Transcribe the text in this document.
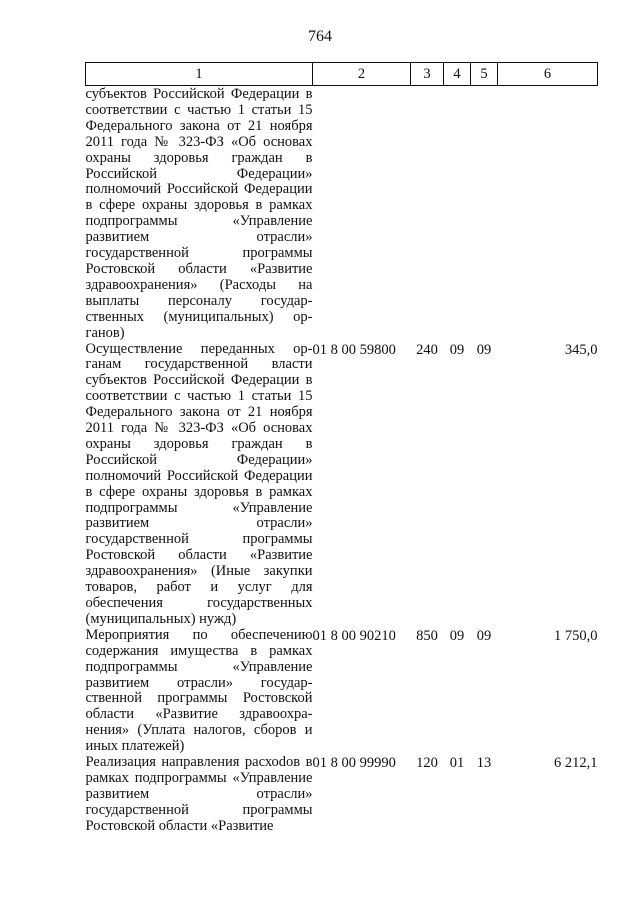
764
1	2	3	4	5	6
субъектов Российской Федерации в соответствии с частью 1 статьи 15 Федерального закона от 21 ноября 2011 года № 323-ФЗ «Об основах охраны здоровья граждан в Российской Федерации» полномочий Российской Федерации в сфере охраны здоровья в рамках подпрограммы «Управление развитием отрасли» государственной программы Ростовской области «Развитие здравоохранения» (Расходы на выплаты персоналу государственных (муниципальных) органов)					
Осуществление переданных органам государственной власти субъектов Российской Федерации в соответствии с частью 1 статьи 15 Федерального закона от 21 ноября 2011 года № 323-ФЗ «Об основах охраны здоровья граждан в Российской Федерации» полномочий Российской Федерации в сфере охраны здоровья в рамках подпрограммы «Управление развитием отрасли» государственной программы Ростовской области «Развитие здравоохранения» (Иные закупки товаров, работ и услуг для обеспечения государственных (муниципальных) нужд)	01 8 00 59800	240	09	09	345,0
Мероприятия по обеспечению содержания имущества в рамках подпрограммы «Управление развитием отрасли» государственной программы Ростовской области «Развитие здравоохранения» (Уплата налогов, сборов и иных платежей)	01 8 00 90210	850	09	09	1 750,0
Реализация направления расхоdов в рамках подпрограммы «Управление развитием отрасли» государственной программы Ростовской области «Развитие	01 8 00 99990	120	01	13	6 212,1
